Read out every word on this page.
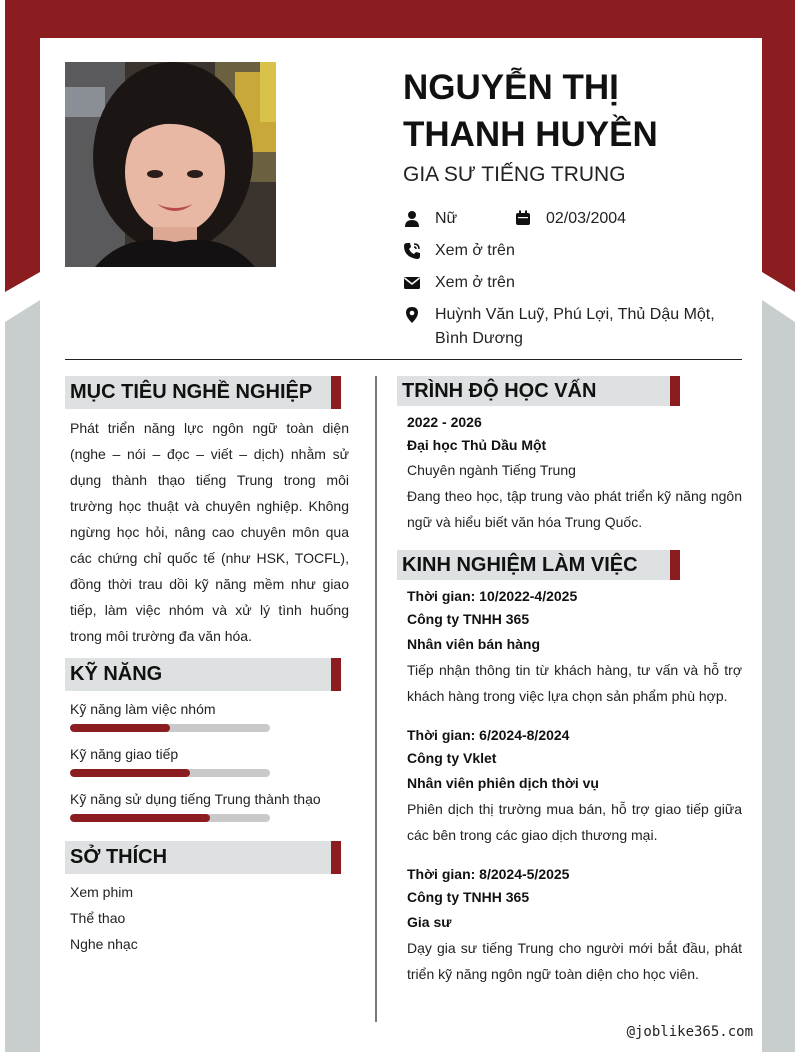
NGUYỄN THỊ
THANH HUYỀN
GIA SƯ TIẾNG TRUNG
Nữ	02/03/2004
Xem ở trên
Xem ở trên
Huỳnh Văn Luỹ, Phú Lợi, Thủ Dậu Một, Bình Dương
MỤC TIÊU NGHỀ NGHIỆP
Phát triển năng lực ngôn ngữ toàn diện (nghe – nói – đọc – viết – dịch) nhằm sử dụng thành thạo tiếng Trung trong môi trường học thuật và chuyên nghiệp. Không ngừng học hỏi, nâng cao chuyên môn qua các chứng chỉ quốc tế (như HSK, TOCFL), đồng thời trau dồi kỹ năng mềm như giao tiếp, làm việc nhóm và xử lý tình huống trong môi trường đa văn hóa.
KỸ NĂNG
Kỹ năng làm việc nhóm
Kỹ năng giao tiếp
Kỹ năng sử dụng tiếng Trung thành thạo
SỞ THÍCH
Xem phim
Thể thao
Nghe nhạc
TRÌNH ĐỘ HỌC VẤN
2022 - 2026
Đại học Thủ Dầu Một
Chuyên ngành Tiếng Trung
Đang theo học, tập trung vào phát triển kỹ năng ngôn ngữ và hiểu biết văn hóa Trung Quốc.
KINH NGHIỆM LÀM VIỆC
Thời gian: 10/2022-4/2025
Công ty TNHH 365
Nhân viên bán hàng
Tiếp nhận thông tin từ khách hàng, tư vấn và hỗ trợ khách hàng trong việc lựa chọn sản phẩm phù hợp.
Thời gian: 6/2024-8/2024
Công ty Vklet
Nhân viên phiên dịch thời vụ
Phiên dịch thị trường mua bán, hỗ trợ giao tiếp giữa các bên trong các giao dịch thương mại.
Thời gian: 8/2024-5/2025
Công ty TNHH 365
Gia sư
Dạy gia sư tiếng Trung cho người mới bắt đầu, phát triển kỹ năng ngôn ngữ toàn diện cho học viên.
@joblike365.com
